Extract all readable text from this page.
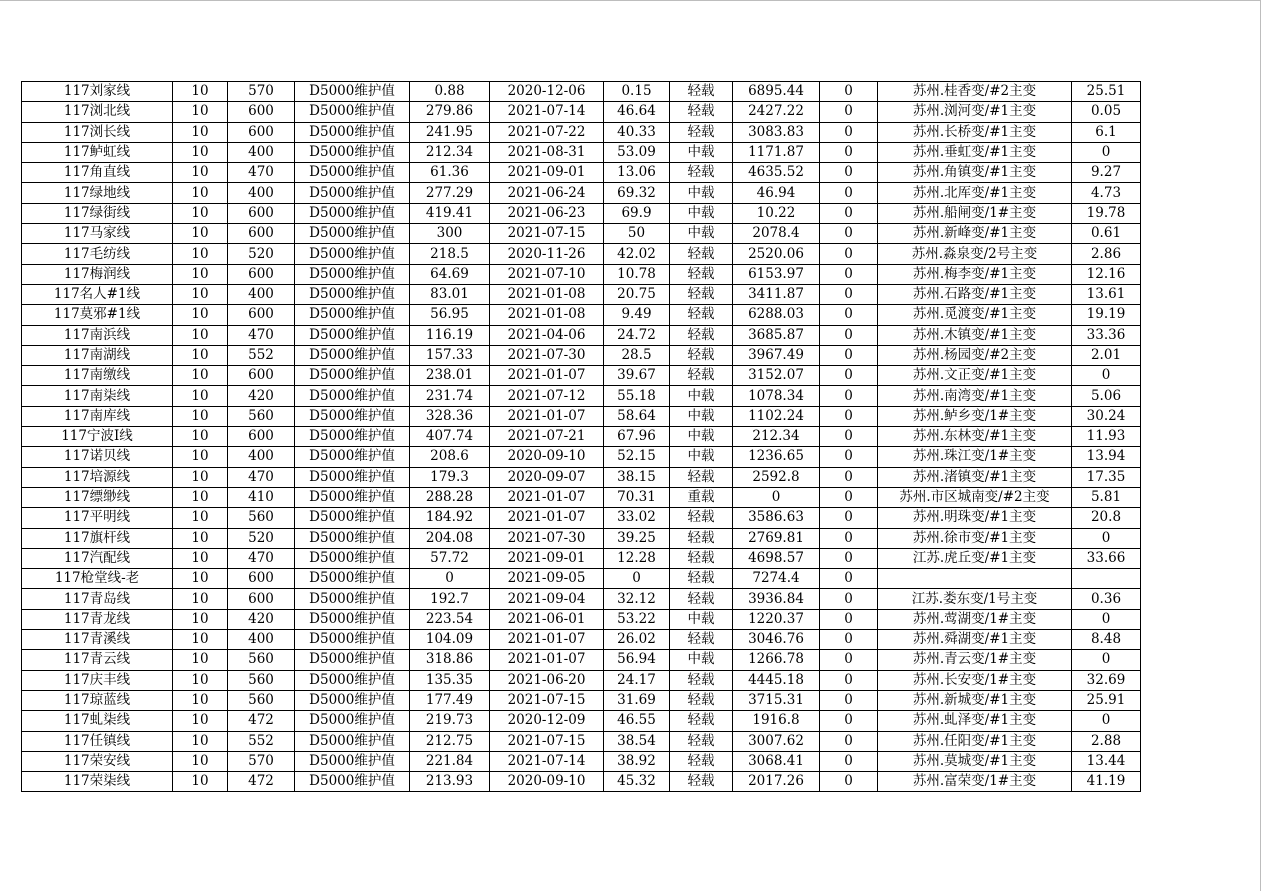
117刘家线	10	570	D5000维护值	0.88	2020-12-06	0.15	轻载	6895.44	0	苏州.桂香变/#2主变	25.51
117浏北线	10	600	D5000维护值	279.86	2021-07-14	46.64	轻载	2427.22	0	苏州.浏河变/#1主变	0.05
117浏长线	10	600	D5000维护值	241.95	2021-07-22	40.33	轻载	3083.83	0	苏州.长桥变/#1主变	6.1
117鲈虹线	10	400	D5000维护值	212.34	2021-08-31	53.09	中载	1171.87	0	苏州.垂虹变/#1主变	0
117角直线	10	470	D5000维护值	61.36	2021-09-01	13.06	轻载	4635.52	0	苏州.角镇变/#1主变	9.27
117绿地线	10	400	D5000维护值	277.29	2021-06-24	69.32	中载	46.94	0	苏州.北厍变/#1主变	4.73
117绿街线	10	600	D5000维护值	419.41	2021-06-23	69.9	中载	10.22	0	苏州.船闸变/1#主变	19.78
117马家线	10	600	D5000维护值	300	2021-07-15	50	中载	2078.4	0	苏州.新峰变/#1主变	0.61
117毛纺线	10	520	D5000维护值	218.5	2020-11-26	42.02	轻载	2520.06	0	苏州.淼泉变/2号主变	2.86
117梅润线	10	600	D5000维护值	64.69	2021-07-10	10.78	轻载	6153.97	0	苏州.梅李变/#1主变	12.16
117名人#1线	10	400	D5000维护值	83.01	2021-01-08	20.75	轻载	3411.87	0	苏州.石路变/#1主变	13.61
117莫邪#1线	10	600	D5000维护值	56.95	2021-01-08	9.49	轻载	6288.03	0	苏州.觅渡变/#1主变	19.19
117南浜线	10	470	D5000维护值	116.19	2021-04-06	24.72	轻载	3685.87	0	苏州.木镇变/#1主变	33.36
117南湖线	10	552	D5000维护值	157.33	2021-07-30	28.5	轻载	3967.49	0	苏州.杨园变/#2主变	2.01
117南缴线	10	600	D5000维护值	238.01	2021-01-07	39.67	轻载	3152.07	0	苏州.文正变/#1主变	0
117南柒线	10	420	D5000维护值	231.74	2021-07-12	55.18	中载	1078.34	0	苏州.南湾变/#1主变	5.06
117南库线	10	560	D5000维护值	328.36	2021-01-07	58.64	中载	1102.24	0	苏州.鲈乡变/1#主变	30.24
117宁波I线	10	600	D5000维护值	407.74	2021-07-21	67.96	中载	212.34	0	苏州.东林变/#1主变	11.93
117诺贝线	10	400	D5000维护值	208.6	2020-09-10	52.15	中载	1236.65	0	苏州.珠江变/1#主变	13.94
117培源线	10	470	D5000维护值	179.3	2020-09-07	38.15	轻载	2592.8	0	苏州.渚镇变/#1主变	17.35
117缥缈线	10	410	D5000维护值	288.28	2021-01-07	70.31	重载	0	0	苏州.市区城南变/#2主变	5.81
117平明线	10	560	D5000维护值	184.92	2021-01-07	33.02	轻载	3586.63	0	苏州.明珠变/#1主变	20.8
117旗杆线	10	520	D5000维护值	204.08	2021-07-30	39.25	轻载	2769.81	0	苏州.徐市变/#1主变	0
117汽配线	10	470	D5000维护值	57.72	2021-09-01	12.28	轻载	4698.57	0	江苏.虎丘变/#1主变	33.66
117枪堂线-老	10	600	D5000维护值	0	2021-09-05	0	轻载	7274.4	0		
117青岛线	10	600	D5000维护值	192.7	2021-09-04	32.12	轻载	3936.84	0	江苏.娄东变/1号主变	0.36
117青龙线	10	420	D5000维护值	223.54	2021-06-01	53.22	中载	1220.37	0	苏州.莺湖变/1#主变	0
117青溪线	10	400	D5000维护值	104.09	2021-01-07	26.02	轻载	3046.76	0	苏州.舜湖变/#1主变	8.48
117青云线	10	560	D5000维护值	318.86	2021-01-07	56.94	中载	1266.78	0	苏州.青云变/1#主变	0
117庆丰线	10	560	D5000维护值	135.35	2021-06-20	24.17	轻载	4445.18	0	苏州.长安变/1#主变	32.69
117琼蓝线	10	560	D5000维护值	177.49	2021-07-15	31.69	轻载	3715.31	0	苏州.新城变/#1主变	25.91
117虬柒线	10	472	D5000维护值	219.73	2020-12-09	46.55	轻载	1916.8	0	苏州.虬泽变/#1主变	0
117任镇线	10	552	D5000维护值	212.75	2021-07-15	38.54	轻载	3007.62	0	苏州.任阳变/#1主变	2.88
117荣安线	10	570	D5000维护值	221.84	2021-07-14	38.92	轻载	3068.41	0	苏州.莫城变/#1主变	13.44
117荣柒线	10	472	D5000维护值	213.93	2020-09-10	45.32	轻载	2017.26	0	苏州.富荣变/1#主变	41.19
